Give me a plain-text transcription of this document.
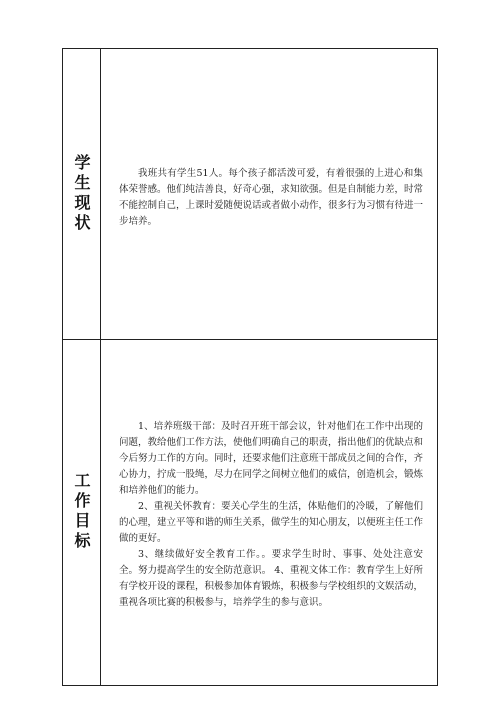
学生现状	我班共有学生51人。每个孩子都活泼可爱，有着很强的上进心和集体荣誉感。他们纯洁善良，好奇心强，求知欲强。但是自制能力差，时常不能控制自己，上课时爱随便说话或者做小动作，很多行为习惯有待进一步培养。

工作目标

1、培养班级干部：及时召开班干部会议，针对他们在工作中出现的问题，教给他们工作方法，使他们明确自己的职责，指出他们的优缺点和今后努力工作的方向。同时，还要求他们注意班干部成员之间的合作，齐心协力，拧成一股绳，尽力在同学之间树立他们的威信，创造机会，锻炼和培养他们的能力。

2、重视关怀教育：要关心学生的生活，体贴他们的冷暖，了解他们的心理，建立平等和谐的师生关系，做学生的知心朋友，以便班主任工作做的更好。

3、继续做好安全教育工作。。要求学生时时、事事、处处注意安全。努力提高学生的安全防范意识。 4、重视文体工作：教育学生上好所有学校开设的课程，积极参加体育锻炼，积极参与学校组织的文娱活动，重视各项比赛的积极参与，培养学生的参与意识。
